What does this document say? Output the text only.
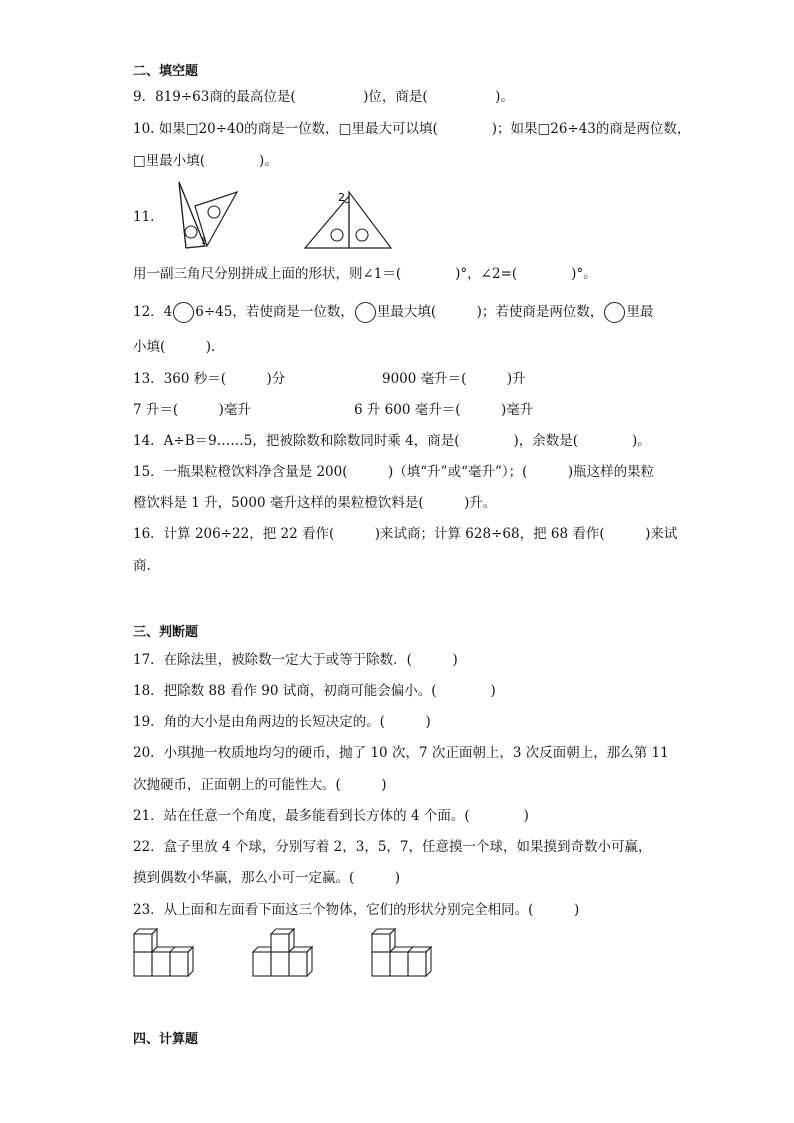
二、填空题
9．819÷63商的最高位是(　　　　　)位，商是(　　　　　)。
10. 如果□20÷40的商是一位数，□里最大可以填(　　　　)；如果□26÷43的商是两位数，
□里最小填(　　　　)。
11．
1
2
用一副三角尺分别拼成上面的形状，则∠1＝(　　　　)°，∠2=(　　　　)°。
12．4 6÷45，若使商是一位数， 里最大填(　　　)；若使商是两位数， 里最
小填(　　　).
13．360 秒＝(　　　)分	9000 毫升＝(　　　)升
7 升＝(　　　)毫升	6 升 600 毫升＝(　　　)毫升
14．A÷B＝9……5，把被除数和除数同时乘 4，商是(　　　　)，余数是(　　　　)。
15．一瓶果粒橙饮料净含量是 200(　　　)（填“升”或“毫升”）；(　　　)瓶这样的果粒
橙饮料是 1 升，5000 毫升这样的果粒橙饮料是(　　　)升。
16．计算 206÷22，把 22 看作(　　　)来试商；计算 628÷68，把 68 看作(　　　)来试
商.
三、判断题
17．在除法里，被除数一定大于或等于除数．(　　　)
18．把除数 88 看作 90 试商，初商可能会偏小。(　　　　)
19．角的大小是由角两边的长短决定的。(　　　)
20．小琪抛一枚质地均匀的硬币，抛了 10 次，7 次正面朝上，3 次反面朝上，那么第 11
次抛硬币，正面朝上的可能性大。(　　　)
21．站在任意一个角度，最多能看到长方体的 4 个面。(　　　　)
22．盒子里放 4 个球，分别写着 2，3，5，7，任意摸一个球，如果摸到奇数小可赢，
摸到偶数小华赢，那么小可一定赢。(　　　)
23．从上面和左面看下面这三个物体，它们的形状分别完全相同。(　　　)
四、计算题
